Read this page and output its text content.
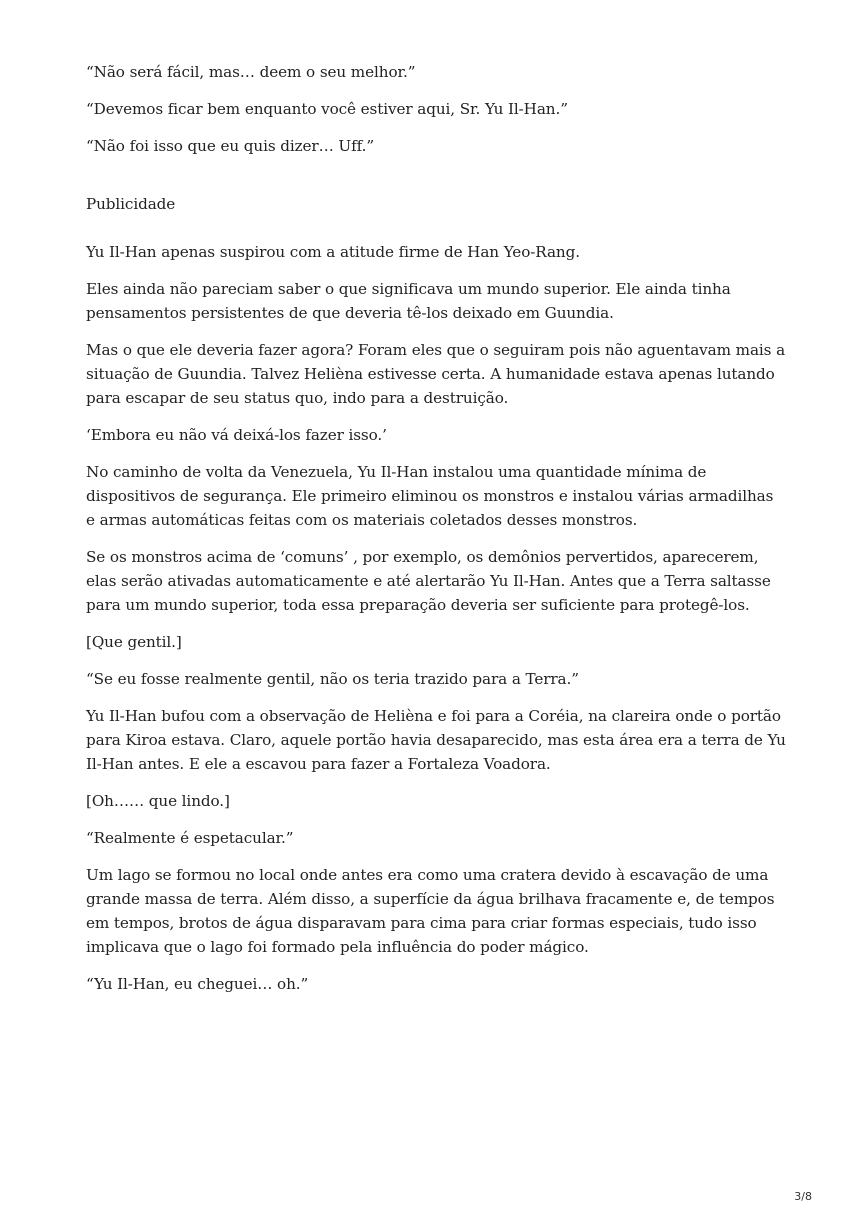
“Não será fácil, mas… deem o seu melhor.”

“Devemos ficar bem enquanto você estiver aqui, Sr. Yu Il-Han.”

“Não foi isso que eu quis dizer… Uff.”

Publicidade

Yu Il-Han apenas suspirou com a atitude firme de Han Yeo-Rang.

Eles ainda não pareciam saber o que significava um mundo superior. Ele ainda tinha pensamentos persistentes de que deveria tê-los deixado em Guundia.

Mas o que ele deveria fazer agora? Foram eles que o seguiram pois não aguentavam mais a situação de Guundia. Talvez Helièna estivesse certa. A humanidade estava apenas lutando para escapar de seu status quo, indo para a destruição.

‘Embora eu não vá deixá-los fazer isso.’

No caminho de volta da Venezuela, Yu Il-Han instalou uma quantidade mínima de dispositivos de segurança. Ele primeiro eliminou os monstros e instalou várias armadilhas e armas automáticas feitas com os materiais coletados desses monstros.

Se os monstros acima de ‘comuns’ , por exemplo, os demônios pervertidos, aparecerem, elas serão ativadas automaticamente e até alertarão Yu Il-Han. Antes que a Terra saltasse para um mundo superior, toda essa preparação deveria ser suficiente para protegê-los.

[Que gentil.]

“Se eu fosse realmente gentil, não os teria trazido para a Terra.”

Yu Il-Han bufou com a observação de Helièna e foi para a Coréia, na clareira onde o portão para Kiroa estava. Claro, aquele portão havia desaparecido, mas esta área era a terra de Yu Il-Han antes. E ele a escavou para fazer a Fortaleza Voadora.

[Oh…… que lindo.]

“Realmente é espetacular.”

Um lago se formou no local onde antes era como uma cratera devido à escavação de uma grande massa de terra. Além disso, a superfície da água brilhava fracamente e, de tempos em tempos, brotos de água disparavam para cima para criar formas especiais, tudo isso implicava que o lago foi formado pela influência do poder mágico.

“Yu Il-Han, eu cheguei… oh.”

3/8
